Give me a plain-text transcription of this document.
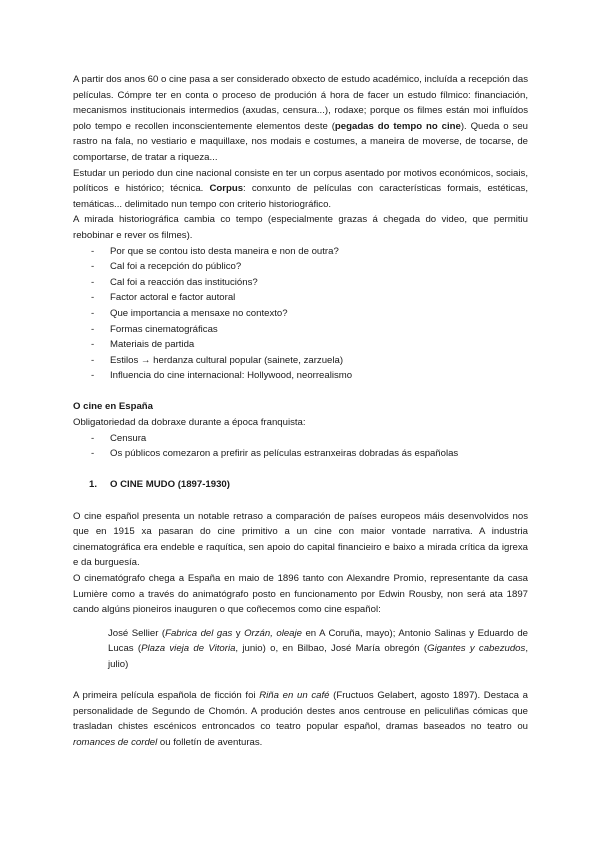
A partir dos anos 60 o cine pasa a ser considerado obxecto de estudo académico, incluída a recepción das películas. Cómpre ter en conta o proceso de produción á hora de facer un estudo fílmico: financiación, mecanismos institucionais intermedios (axudas, censura...), rodaxe; porque os filmes están moi influídos polo tempo e recollen inconscientemente elementos deste (pegadas do tempo no cine). Queda o seu rastro na fala, no vestiario e maquillaxe, nos modais e costumes, a maneira de moverse, de tocarse, de comportarse, de tratar a riqueza...

Estudar un periodo dun cine nacional consiste en ter un corpus asentado por motivos económicos, sociais, políticos e histórico; técnica. Corpus: conxunto de películas con características formais, estéticas, temáticas... delimitado nun tempo con criterio historiográfico.

A mirada historiográfica cambia co tempo (especialmente grazas á chegada do video, que permitiu rebobinar e rever os filmes).

- Por que se contou isto desta maneira e non de outra?
- Cal foi a recepción do público?
- Cal foi a reacción das institucións?
- Factor actoral e factor autoral
- Que importancia a mensaxe no contexto?
- Formas cinematográficas
- Materiais de partida
- Estilos → herdanza cultural popular (sainete, zarzuela)
- Influencia do cine internacional: Hollywood, neorrealismo

O cine en España

Obligatoriedad da dobraxe durante a época franquista:

- Censura
- Os públicos comezaron a prefirir as películas estranxeiras dobradas ás españolas
1. O CINE MUDO (1897-1930)

O cine español presenta un notable retraso a comparación de países europeos máis desenvolvidos nos que en 1915 xa pasaran do cine primitivo a un cine con maior vontade narrativa. A industria cinematográfica era endeble e raquítica, sen apoio do capital financieiro e baixo a mirada crítica da igrexa e da burguesía.

O cinematógrafo chega a España en maio de 1896 tanto con Alexandre Promio, representante da casa Lumière como a través do animatógrafo posto en funcionamento por Edwin Rousby, non será ata 1897 cando algúns pioneiros inauguren o que coñecemos como cine español:

José Sellier (Fabrica del gas y Orzán, oleaje en A Coruña, mayo); Antonio Salinas y Eduardo de Lucas (Plaza vieja de Vitoria, junio) o, en Bilbao, José María obregón (Gigantes y cabezudos, julio)

A primeira película española de ficción foi Riña en un café (Fructuos Gelabert, agosto 1897). Destaca a personalidade de Segundo de Chomón. A produción destes anos centrouse en peliculiñas cómicas que trasladan chistes escénicos entroncados co teatro popular español, dramas baseados no teatro ou romances de cordel ou folletín de aventuras.
